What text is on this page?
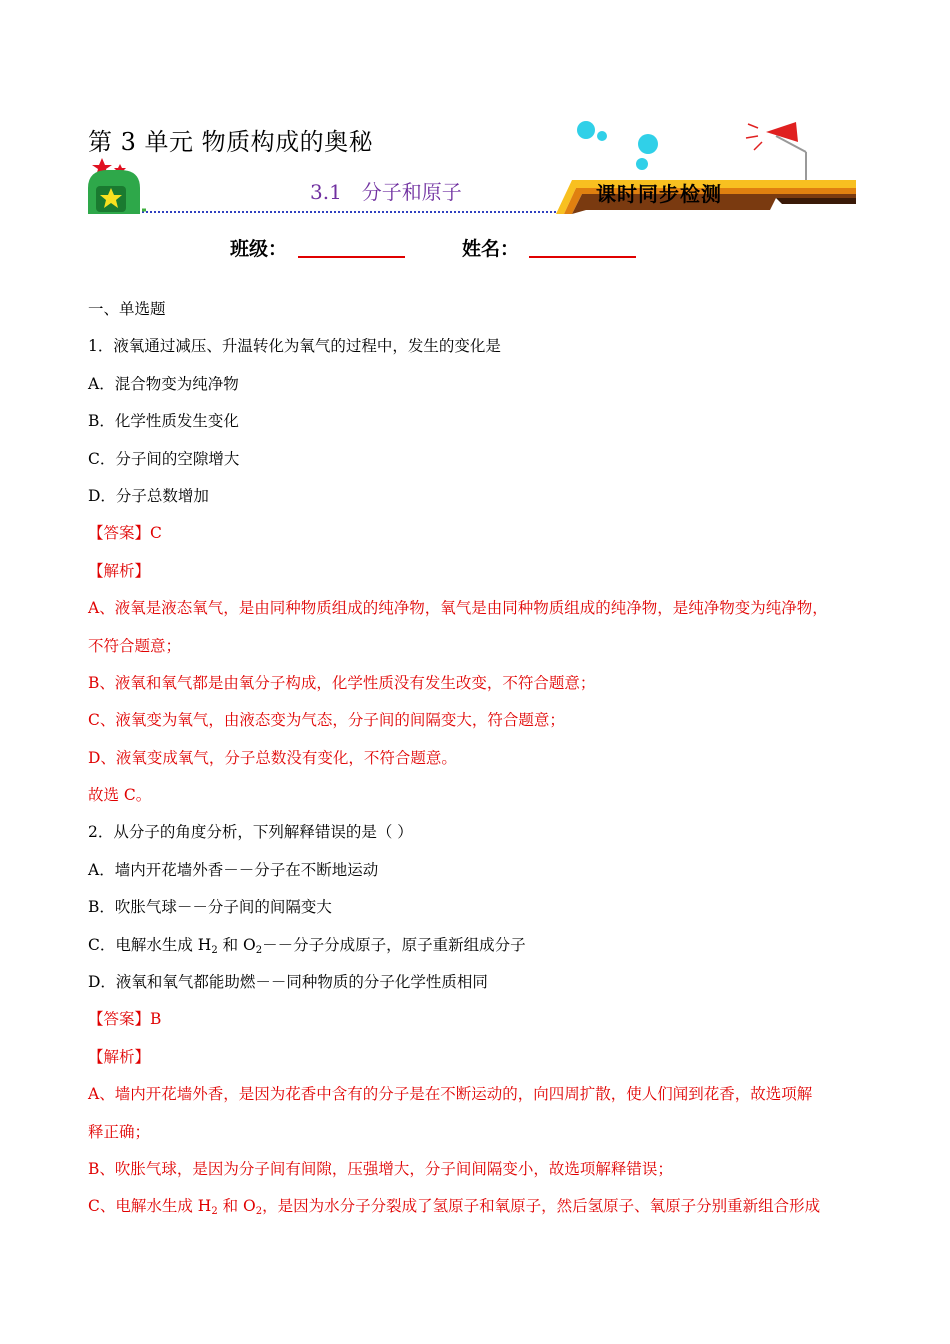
第 3 单元 物质构成的奥秘
3.1　分子和原子	课时同步检测
班级：	姓名：
一、单选题
1．液氧通过减压、升温转化为氧气的过程中，发生的变化是
A．混合物变为纯净物
B．化学性质发生变化
C．分子间的空隙增大
D．分子总数增加
【答案】C
【解析】
A、液氧是液态氧气，是由同种物质组成的纯净物，氧气是由同种物质组成的纯净物，是纯净物变为纯净物，
不符合题意；
B、液氧和氧气都是由氧分子构成，化学性质没有发生改变，不符合题意；
C、液氧变为氧气，由液态变为气态，分子间的间隔变大，符合题意；
D、液氧变成氧气，分子总数没有变化，不符合题意。
故选 C。
2．从分子的角度分析，下列解释错误的是（ ）
A．墙内开花墙外香－－分子在不断地运动
B．吹胀气球－－分子间的间隔变大
C．电解水生成 $H_2$ 和 $O_2--$分子分成原子，原子重新组成分子
D．液氧和氧气都能助燃－－同种物质的分子化学性质相同
【答案】B
【解析】
A、墙内开花墙外香，是因为花香中含有的分子是在不断运动的，向四周扩散，使人们闻到花香，故选项解
释正确；
B、吹胀气球，是因为分子间有间隙，压强增大，分子间间隔变小，故选项解释错误；
C、电解水生成 $H_2$ 和 $O_2$，是因为水分子分裂成了氢原子和氧原子，然后氢原子、氧原子分别重新组合形成
